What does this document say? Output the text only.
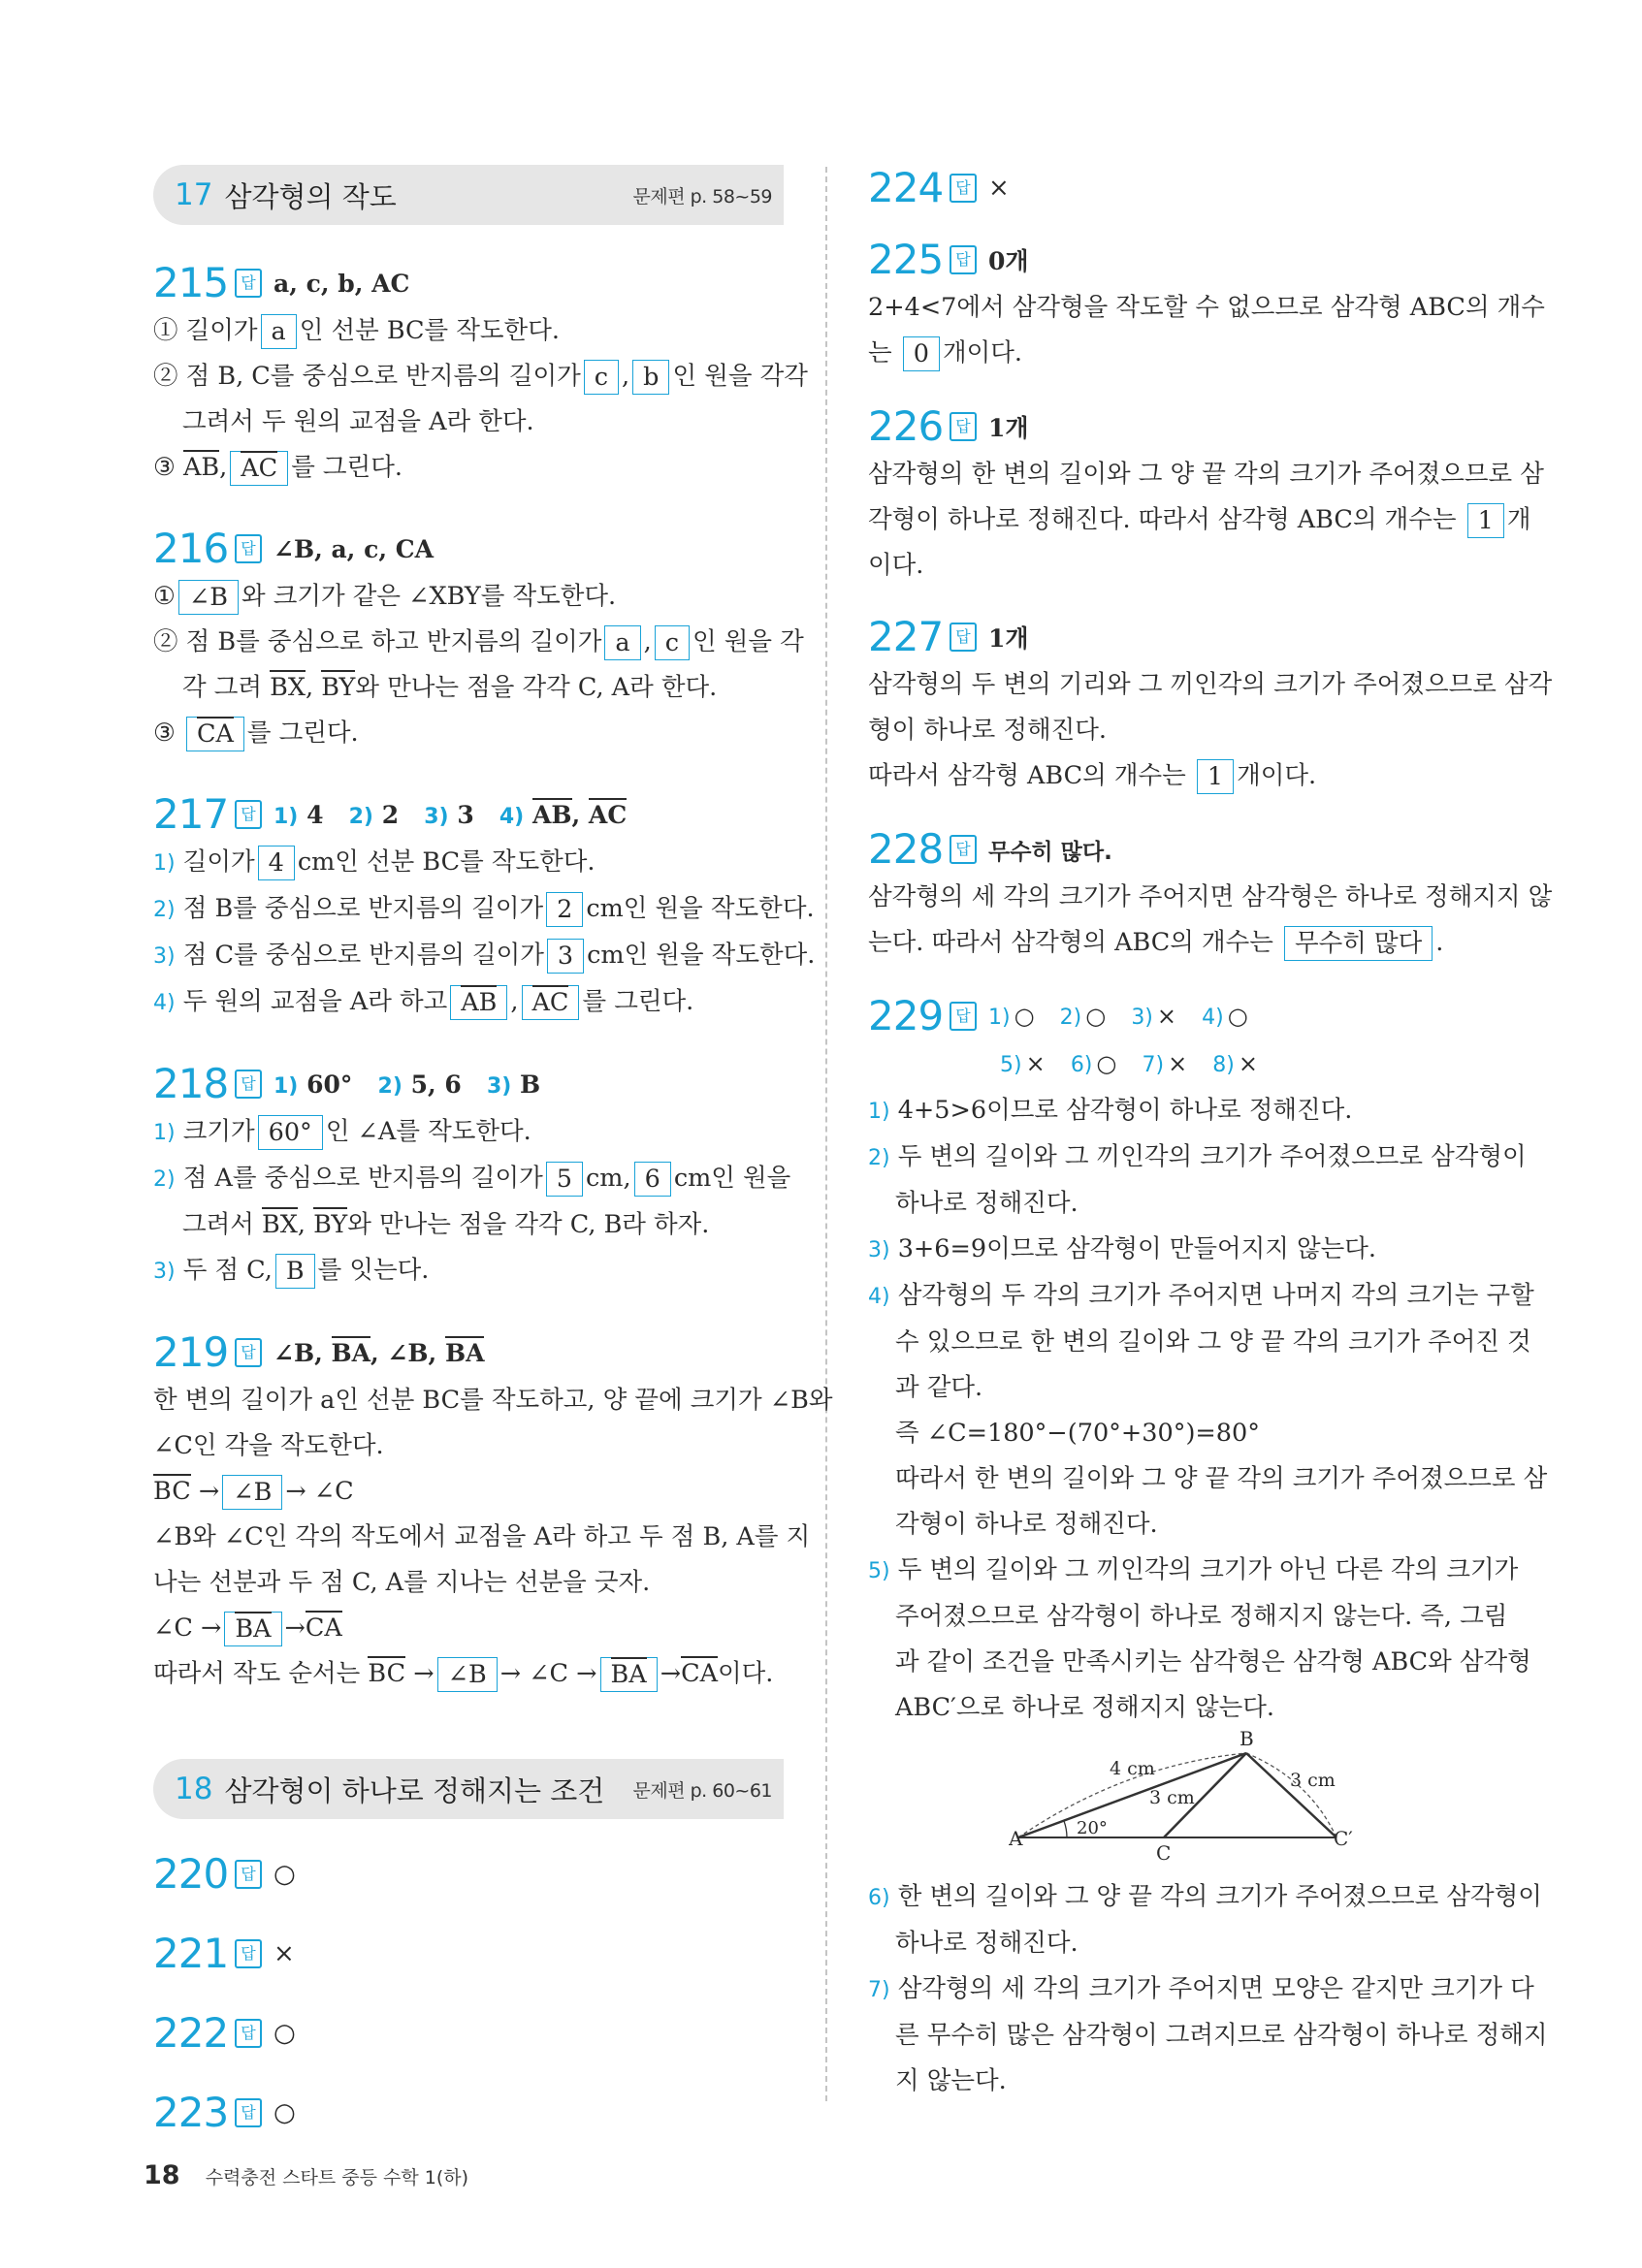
17 삼각형의 작도	문제편 p. 58~59
215 답 a, c, b, AC
① 길이가 a 인 선분 BC를 작도한다.
② 점 B, C를 중심으로 반지름의 길이가 c , b 인 원을 각각
그려서 두 원의 교점을 A라 한다.
③ AB, AC 를 그린다.
216 답 ∠B, a, c, CA
① ∠B 와 크기가 같은 ∠XBY를 작도한다.
② 점 B를 중심으로 하고 반지름의 길이가 a , c 인 원을 각
각 그려 BX, BY와 만나는 점을 각각 C, A라 한다.
③ CA 를 그린다.
217 답 1) 4 2) 2 3) 3 4) AB, AC
1) 길이가 4 cm인 선분 BC를 작도한다.
2) 점 B를 중심으로 반지름의 길이가 2 cm인 원을 작도한다.
3) 점 C를 중심으로 반지름의 길이가 3 cm인 원을 작도한다.
4) 두 원의 교점을 A라 하고 AB , AC 를 그린다.
218 답 1) 60° 2) 5, 6 3) B
1) 크기가 60° 인 ∠A를 작도한다.
2) 점 A를 중심으로 반지름의 길이가 5 cm, 6 cm인 원을
그려서 BX, BY와 만나는 점을 각각 C, B라 하자.
3) 두 점 C, B 를 잇는다.
219 답 ∠B, BA, ∠B, BA
한 변의 길이가 a인 선분 BC를 작도하고, 양 끝에 크기가 ∠B와
∠C인 각을 작도한다.
BC → ∠B → ∠C
∠B와 ∠C인 각의 작도에서 교점을 A라 하고 두 점 B, A를 지
나는 선분과 두 점 C, A를 지나는 선분을 긋자.
∠C → BA →CA
따라서 작도 순서는 BC → ∠B → ∠C → BA →CA이다.
18 삼각형이 하나로 정해지는 조건	문제편 p. 60~61
220 답 ○
221 답 ×
222 답 ○
223 답 ○
224 답 ×
225 답 0개
2+4<7에서 삼각형을 작도할 수 없으므로 삼각형 ABC의 개수
는 0 개이다.
226 답 1개
삼각형의 한 변의 길이와 그 양 끝 각의 크기가 주어졌으므로 삼
각형이 하나로 정해진다. 따라서 삼각형 ABC의 개수는 1 개
이다.
227 답 1개
삼각형의 두 변의 기리와 그 끼인각의 크기가 주어졌으므로 삼각
형이 하나로 정해진다.
따라서 삼각형 ABC의 개수는 1 개이다.
228 답 무수히 많다.
삼각형의 세 각의 크기가 주어지면 삼각형은 하나로 정해지지 않
는다. 따라서 삼각형의 ABC의 개수는 무수히 많다 .
229 답 1) ○ 2) ○ 3) × 4) ○
5) × 6) ○ 7) × 8) ×
1) 4+5>6이므로 삼각형이 하나로 정해진다.
2) 두 변의 길이와 그 끼인각의 크기가 주어졌으므로 삼각형이
하나로 정해진다.
3) 3+6=9이므로 삼각형이 만들어지지 않는다.
4) 삼각형의 두 각의 크기가 주어지면 나머지 각의 크기는 구할
수 있으므로 한 변의 길이와 그 양 끝 각의 크기가 주어진 것
과 같다.
즉 ∠C=180°−(70°+30°)=80°
따라서 한 변의 길이와 그 양 끝 각의 크기가 주어졌으므로 삼
각형이 하나로 정해진다.
5) 두 변의 길이와 그 끼인각의 크기가 아닌 다른 각의 크기가
주어졌으므로 삼각형이 하나로 정해지지 않는다. 즉, 그림
과 같이 조건을 만족시키는 삼각형은 삼각형 ABC와 삼각형
ABC′으로 하나로 정해지지 않는다.
6) 한 변의 길이와 그 양 끝 각의 크기가 주어졌으므로 삼각형이
하나로 정해진다.
7) 삼각형의 세 각의 크기가 주어지면 모양은 같지만 크기가 다
른 무수히 많은 삼각형이 그려지므로 삼각형이 하나로 정해지
지 않는다.
A
B
C
C′
4 cm
3 cm
3 cm
20°
18 수력충전 스타트 중등 수학 1(하)
